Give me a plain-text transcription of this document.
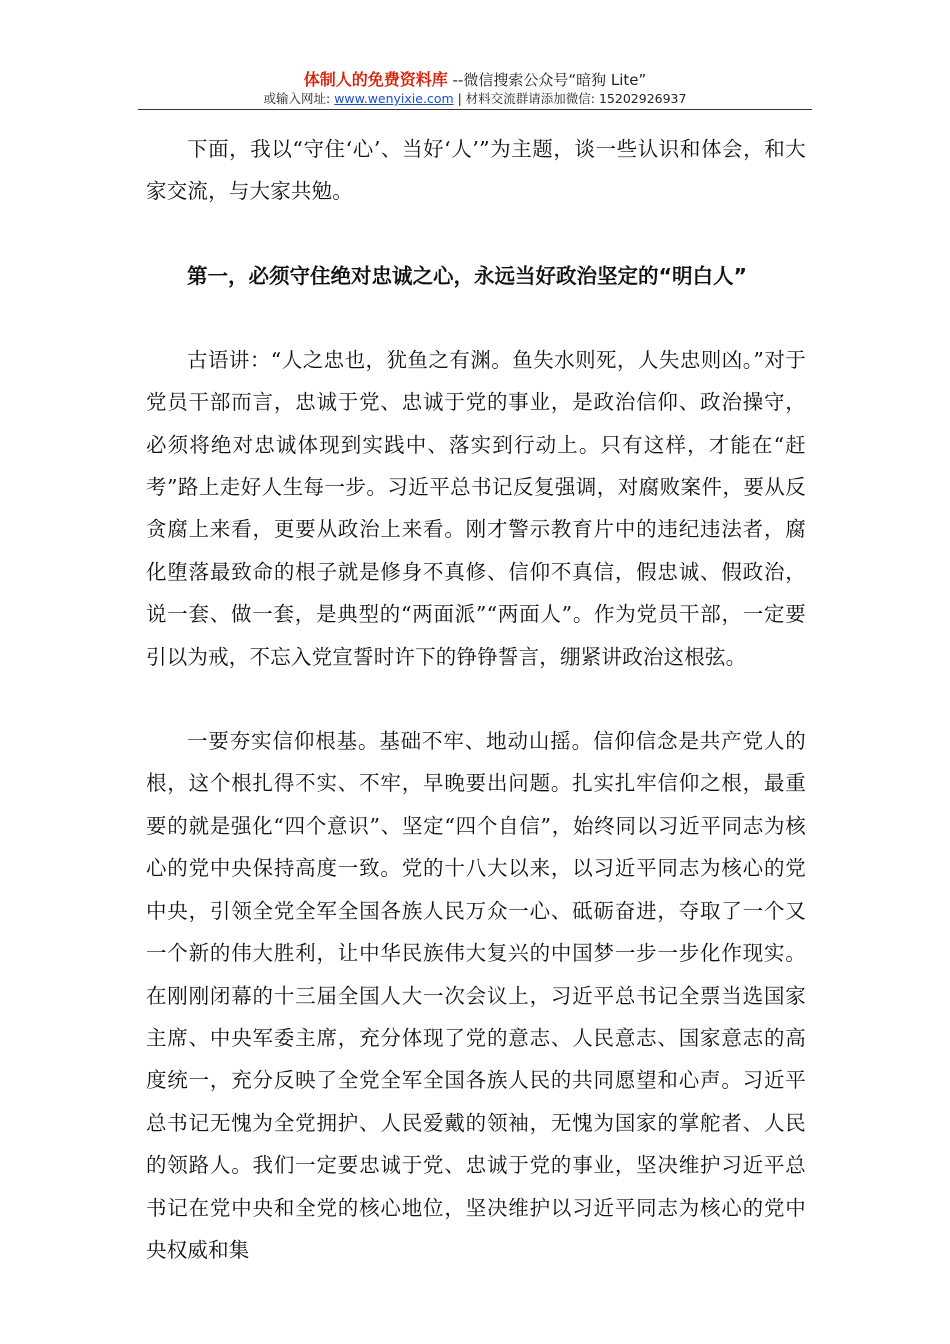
体制人的免费资料库 --微信搜索公众号“暗狗 Lite”
或输入网址: www.wenyixie.com | 材料交流群请添加微信: 15202926937

下面，我以“守住‘心’、当好‘人’”为主题，谈一些认识和体会，和大家交流，与大家共勉。

第一，必须守住绝对忠诚之心，永远当好政治坚定的“明白人”

古语讲：“人之忠也，犹鱼之有渊。鱼失水则死，人失忠则凶。”对于党员干部而言，忠诚于党、忠诚于党的事业，是政治信仰、政治操守，必须将绝对忠诚体现到实践中、落实到行动上。只有这样，才能在“赶考”路上走好人生每一步。习近平总书记反复强调，对腐败案件，要从反贪腐上来看，更要从政治上来看。刚才警示教育片中的违纪违法者，腐化堕落最致命的根子就是修身不真修、信仰不真信，假忠诚、假政治，说一套、做一套，是典型的“两面派”“两面人”。作为党员干部，一定要引以为戒，不忘入党宣誓时许下的铮铮誓言，绷紧讲政治这根弦。

一要夯实信仰根基。基础不牢、地动山摇。信仰信念是共产党人的根，这个根扎得不实、不牢，早晚要出问题。扎实扎牢信仰之根，最重要的就是强化“四个意识”、坚定“四个自信”，始终同以习近平同志为核心的党中央保持高度一致。党的十八大以来，以习近平同志为核心的党中央，引领全党全军全国各族人民万众一心、砥砺奋进，夺取了一个又一个新的伟大胜利，让中华民族伟大复兴的中国梦一步一步化作现实。在刚刚闭幕的十三届全国人大一次会议上，习近平总书记全票当选国家主席、中央军委主席，充分体现了党的意志、人民意志、国家意志的高度统一，充分反映了全党全军全国各族人民的共同愿望和心声。习近平总书记无愧为全党拥护、人民爱戴的领袖，无愧为国家的掌舵者、人民的领路人。我们一定要忠诚于党、忠诚于党的事业，坚决维护习近平总书记在党中央和全党的核心地位，坚决维护以习近平同志为核心的党中央权威和集
